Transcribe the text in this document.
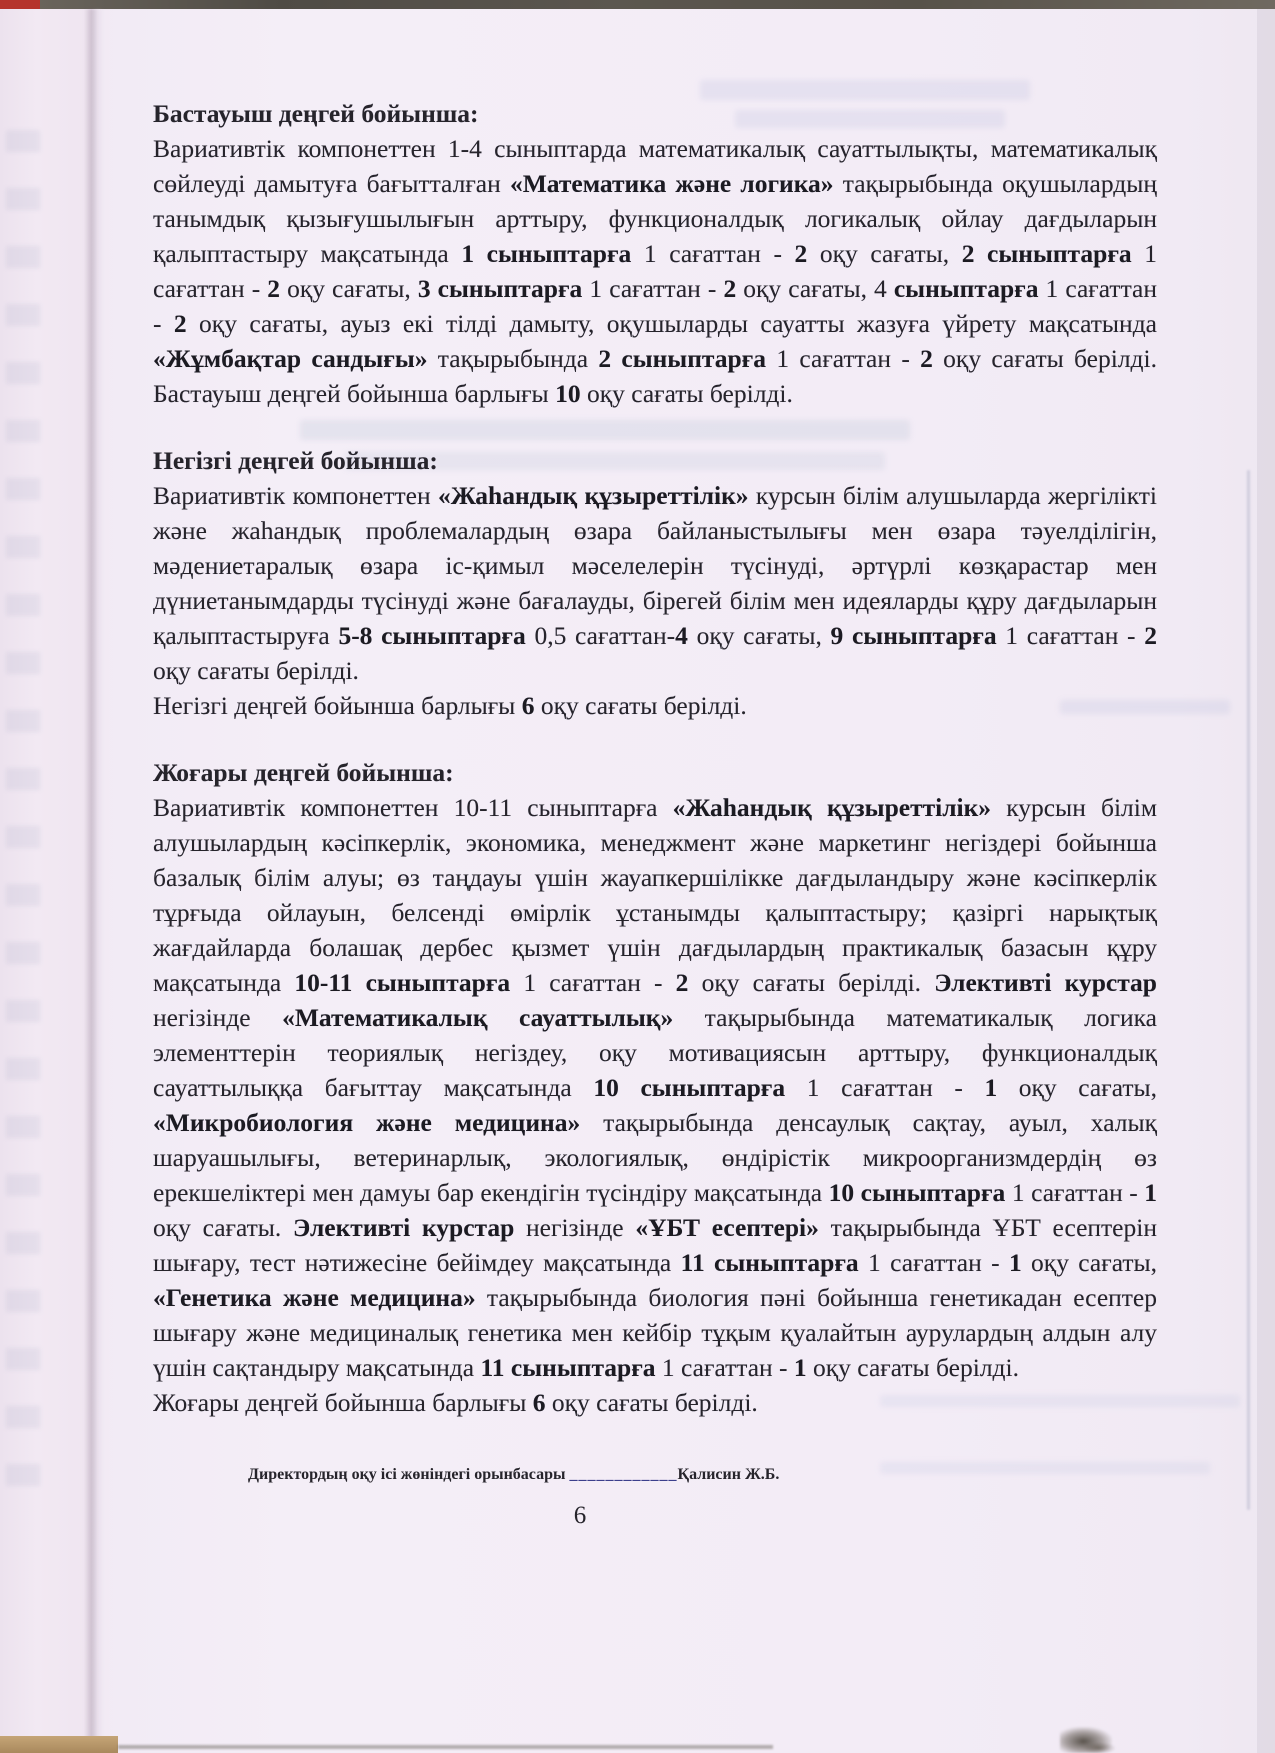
Бастауыш деңгей бойынша:

Вариативтік компонеттен 1-4 сыныптарда математикалық сауаттылықты, математикалық сөйлеуді дамытуға бағытталған «Математика және логика» тақырыбында оқушылардың танымдық қызығушылығын арттыру, функционалдық логикалық ойлау дағдыларын қалыптастыру мақсатында 1 сыныптарға 1 сағаттан - 2 оқу сағаты, 2 сыныптарға 1 сағаттан - 2 оқу сағаты, 3 сыныптарға 1 сағаттан - 2 оқу сағаты, 4 сыныптарға 1 сағаттан - 2 оқу сағаты, ауыз екі тілді дамыту, оқушыларды сауатты жазуға үйрету мақсатында «Жұмбақтар сандығы» тақырыбында 2 сыныптарға 1 сағаттан - 2 оқу сағаты берілді. Бастауыш деңгей бойынша барлығы 10 оқу сағаты берілді.

Негізгі деңгей бойынша:

Вариативтік компонеттен «Жаһандық құзыреттілік» курсын білім алушыларда жергілікті және жаһандық проблемалардың өзара байланыстылығы мен өзара тәуелділігін, мәдениетаралық өзара іс-қимыл мәселелерін түсінуді, әртүрлі көзқарастар мен дүниетанымдарды түсінуді және бағалауды, бірегей білім мен идеяларды құру дағдыларын қалыптастыруға 5-8 сыныптарға 0,5 сағаттан-4 оқу сағаты, 9 сыныптарға 1 сағаттан - 2 оқу сағаты берілді.

Негізгі деңгей бойынша барлығы 6 оқу сағаты берілді.

Жоғары деңгей бойынша:

Вариативтік компонеттен 10-11 сыныптарға «Жаһандық құзыреттілік» курсын білім алушылардың кәсіпкерлік, экономика, менеджмент және маркетинг негіздері бойынша базалық білім алуы; өз таңдауы үшін жауапкершілікке дағдыландыру және кәсіпкерлік тұрғыда ойлауын, белсенді өмірлік ұстанымды қалыптастыру; қазіргі нарықтық жағдайларда болашақ дербес қызмет үшін дағдылардың практикалық базасын құру мақсатында 10-11 сыныптарға 1 сағаттан - 2 оқу сағаты берілді. Элективті курстар негізінде «Математикалық сауаттылық» тақырыбында математикалық логика элементтерін теориялық негіздеу, оқу мотивациясын арттыру, функционалдық сауаттылыққа бағыттау мақсатында 10 сыныптарға 1 сағаттан - 1 оқу сағаты, «Микробиология және медицина» тақырыбында денсаулық сақтау, ауыл, халық шаруашылығы, ветеринарлық, экологиялық, өндірістік микроорганизмдердің өз ерекшеліктері мен дамуы бар екендігін түсіндіру мақсатында 10 сыныптарға 1 сағаттан - 1 оқу сағаты. Элективті курстар негізінде «ҰБТ есептері» тақырыбында ҰБТ есептерін шығару, тест нәтижесіне бейімдеу мақсатында 11 сыныптарға 1 сағаттан - 1 оқу сағаты, «Генетика және медицина» тақырыбында биология пәні бойынша генетикадан есептер шығару және медициналық генетика мен кейбір тұқым қуалайтын аурулардың алдын алу үшін сақтандыру мақсатында 11 сыныптарға 1 сағаттан - 1 оқу сағаты берілді.

Жоғары деңгей бойынша барлығы 6 оқу сағаты берілді.

Директордың оқу ісі жөніндегі орынбасары ____________Қалисин Ж.Б.
6
